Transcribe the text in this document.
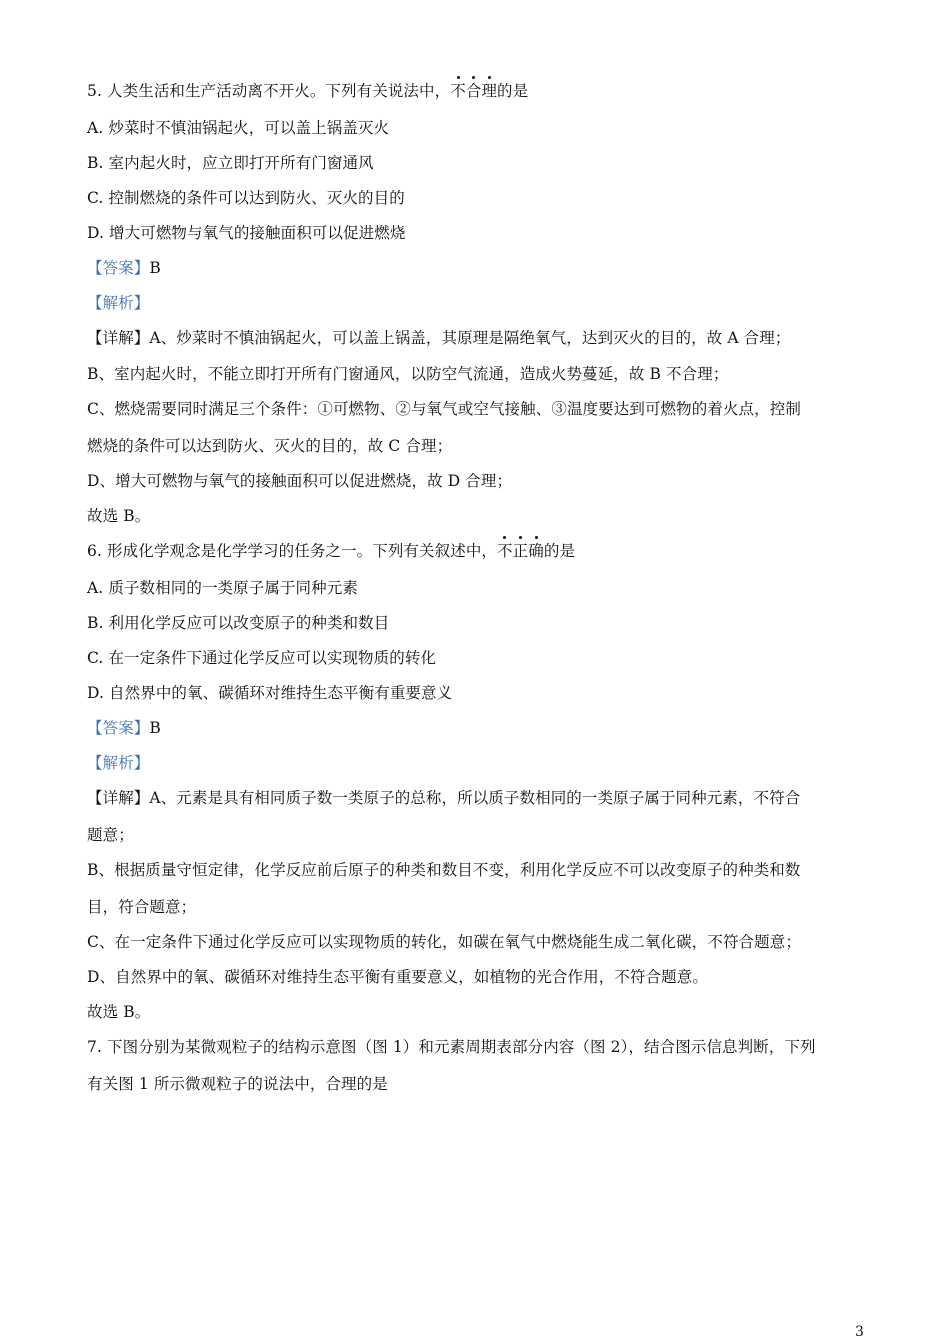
5. 人类生活和生产活动离不开火。下列有关说法中，不合理的是
A. 炒菜时不慎油锅起火，可以盖上锅盖灭火
B. 室内起火时，应立即打开所有门窗通风
C. 控制燃烧的条件可以达到防火、灭火的目的
D. 增大可燃物与氧气的接触面积可以促进燃烧
【答案】B
【解析】
【详解】A、炒菜时不慎油锅起火，可以盖上锅盖，其原理是隔绝氧气，达到灭火的目的，故 A 合理；
B、室内起火时，不能立即打开所有门窗通风，以防空气流通，造成火势蔓延，故 B 不合理；
C、燃烧需要同时满足三个条件：①可燃物、②与氧气或空气接触、③温度要达到可燃物的着火点，控制
燃烧的条件可以达到防火、灭火的目的，故 C 合理；
D、增大可燃物与氧气的接触面积可以促进燃烧，故 D 合理；
故选 B。
6. 形成化学观念是化学学习的任务之一。下列有关叙述中，不正确的是
A. 质子数相同的一类原子属于同种元素
B. 利用化学反应可以改变原子的种类和数目
C. 在一定条件下通过化学反应可以实现物质的转化
D. 自然界中的氧、碳循环对维持生态平衡有重要意义
【答案】B
【解析】
【详解】A、元素是具有相同质子数一类原子的总称，所以质子数相同的一类原子属于同种元素，不符合
题意；
B、根据质量守恒定律，化学反应前后原子的种类和数目不变，利用化学反应不可以改变原子的种类和数
目，符合题意；
C、在一定条件下通过化学反应可以实现物质的转化，如碳在氧气中燃烧能生成二氧化碳，不符合题意；
D、自然界中的氧、碳循环对维持生态平衡有重要意义，如植物的光合作用，不符合题意。
故选 B。
7. 下图分别为某微观粒子的结构示意图（图 1）和元素周期表部分内容（图 2），结合图示信息判断，下列
有关图 1 所示微观粒子的说法中，合理的是
3
